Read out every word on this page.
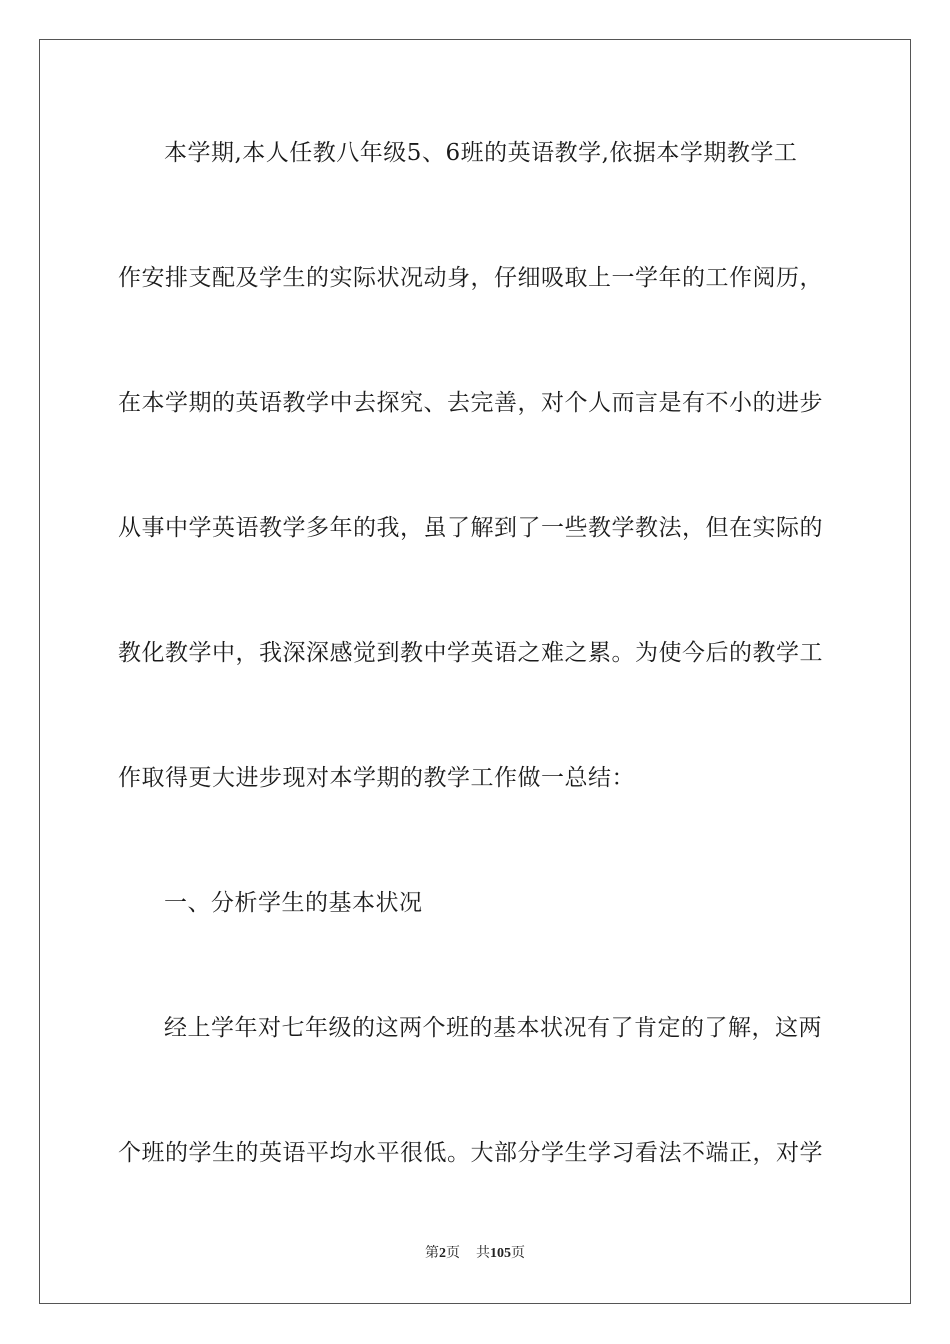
本学期,本人任教八年级5、6班的英语教学,依据本学期教学工
作安排支配及学生的实际状况动身，仔细吸取上一学年的工作阅历，
在本学期的英语教学中去探究、去完善，对个人而言是有不小的进步
从事中学英语教学多年的我，虽了解到了一些教学教法，但在实际的
教化教学中，我深深感觉到教中学英语之难之累。为使今后的教学工
作取得更大进步现对本学期的教学工作做一总结：
一、分析学生的基本状况
经上学年对七年级的这两个班的基本状况有了肯定的了解，这两
个班的学生的英语平均水平很低。大部分学生学习看法不端正，对学
第2页 共105页
